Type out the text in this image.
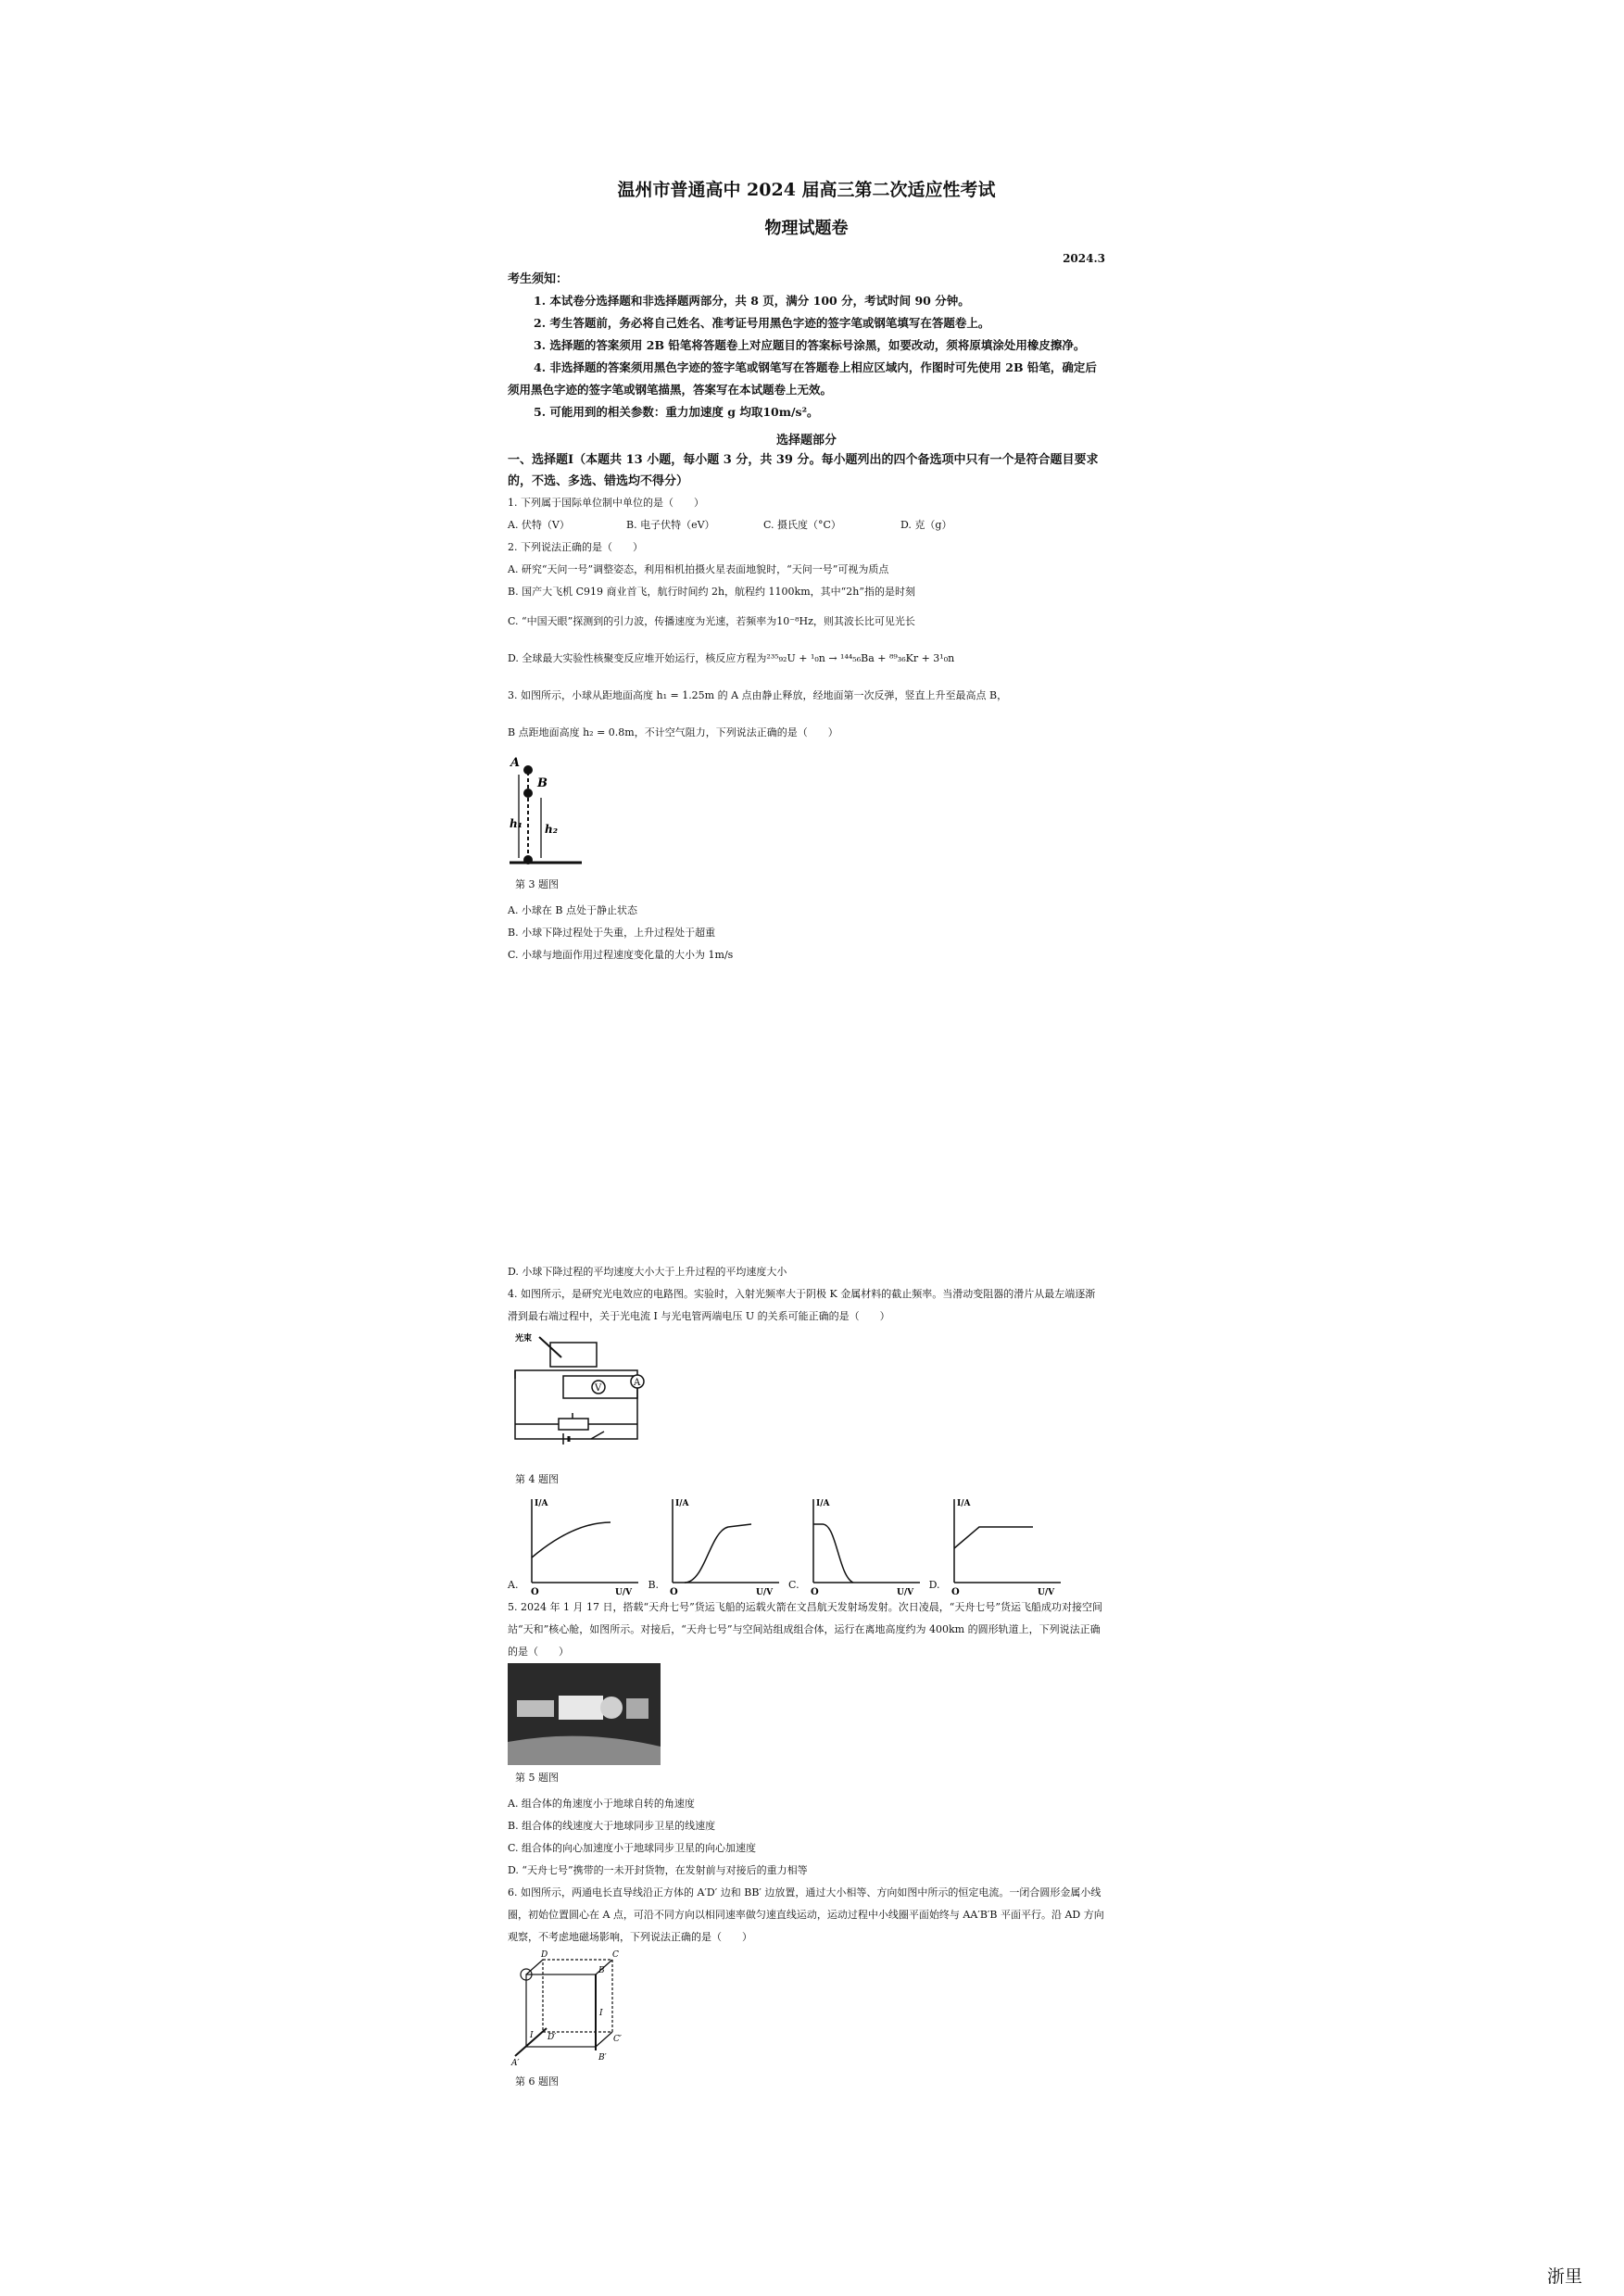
温州市普通高中 2024 届高三第二次适应性考试
物理试题卷
2024.3
考生须知：

1. 本试卷分选择题和非选择题两部分，共 8 页，满分 100 分，考试时间 90 分钟。

2. 考生答题前，务必将自己姓名、准考证号用黑色字迹的签字笔或钢笔填写在答题卷上。

3. 选择题的答案须用 2B 铅笔将答题卷上对应题目的答案标号涂黑，如要改动，须将原填涂处用橡皮擦净。

4. 非选择题的答案须用黑色字迹的签字笔或钢笔写在答题卷上相应区域内，作图时可先使用 2B 铅笔，确定后须用黑色字迹的签字笔或钢笔描黑，答案写在本试题卷上无效。

5. 可能用到的相关参数：重力加速度 g 均取10m/s²。

选择题部分
一、选择题Ⅰ（本题共 13 小题，每小题 3 分，共 39 分。每小题列出的四个备选项中只有一个是符合题目要求的，不选、多选、错选均不得分）

1. 下列属于国际单位制中单位的是（　　）

A. 伏特（V）	B. 电子伏特（eV）	C. 摄氏度（°C）	D. 克（g）

2. 下列说法正确的是（　　）

A. 研究“天问一号”调整姿态，利用相机拍摄火星表面地貌时，“天问一号”可视为质点

B. 国产大飞机 C919 商业首飞，航行时间约 2h，航程约 1100km，其中“2h”指的是时刻

C. “中国天眼”探测到的引力波，传播速度为光速，若频率为10⁻⁸Hz，则其波长比可见光长

D. 全球最大实验性核聚变反应堆开始运行，核反应方程为²³⁵₉₂U + ¹₀n → ¹⁴⁴₅₆Ba + ⁸⁹₃₆Kr + 3¹₀n

3. 如图所示，小球从距地面高度 h₁ = 1.25m 的 A 点由静止释放，经地面第一次反弹，竖直上升至最高点 B，

B 点距地面高度 h₂ = 0.8m，不计空气阻力，下列说法正确的是（　　）

A
B
h₁ h₂
第 3 题图

A. 小球在 B 点处于静止状态

B. 小球下降过程处于失重，上升过程处于超重

C. 小球与地面作用过程速度变化量的大小为 1m/s

D. 小球下降过程的平均速度大小大于上升过程的平均速度大小

4. 如图所示，是研究光电效应的电路图。实验时，入射光频率大于阴极 K 金属材料的截止频率。当滑动变阻器的滑片从最左端逐渐滑到最右端过程中，关于光电流 I 与光电管两端电压 U 的关系可能正确的是（　　）

光束
V
A
第 4 题图
A.
I/A
U/V
O
B.
I/A
U/V
O
C.
I/A
U/V
O
D.
I/A
U/V
O

5. 2024 年 1 月 17 日，搭载“天舟七号”货运飞船的运载火箭在文昌航天发射场发射。次日凌晨，“天舟七号”货运飞船成功对接空间站“天和”核心舱，如图所示。对接后，“天舟七号”与空间站组成组合体，运行在离地高度约为 400km 的圆形轨道上，下列说法正确的是（　　）

第 5 题图

A. 组合体的角速度小于地球自转的角速度

B. 组合体的线速度大于地球同步卫星的线速度

C. 组合体的向心加速度小于地球同步卫星的向心加速度

D. “天舟七号”携带的一未开封货物，在发射前与对接后的重力相等

6. 如图所示，两通电长直导线沿正方体的 A′D′ 边和 BB′ 边放置，通过大小相等、方向如图中所示的恒定电流。一闭合圆形金属小线圈，初始位置圆心在 A 点，可沿不同方向以相同速率做匀速直线运动，运动过程中小线圈平面始终与 AA′B′B 平面平行。沿 AD 方向观察，不考虑地磁场影响，下列说法正确的是（　　）

D	C
B
D′	C′
A′
B′
I
I
第 6 题图
浙里
